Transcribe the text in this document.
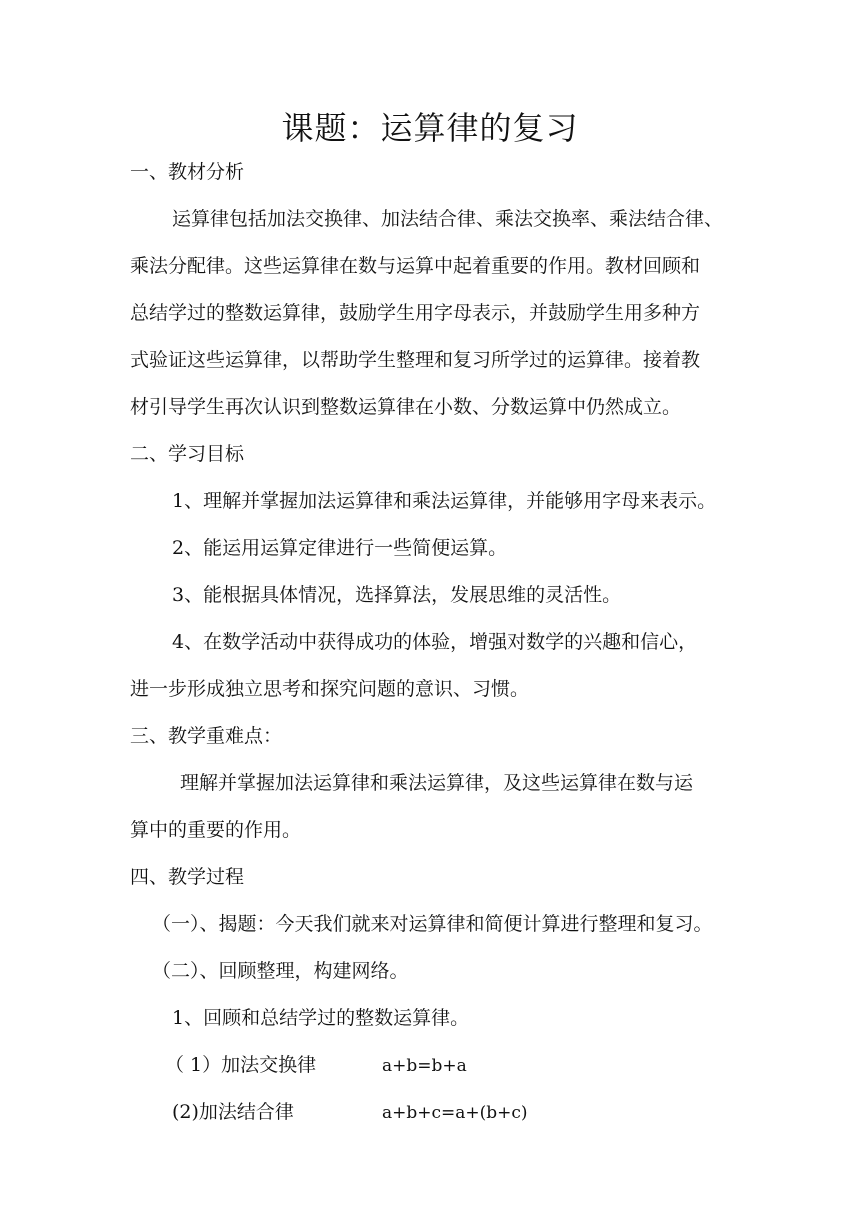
课题：运算律的复习
一、教材分析
运算律包括加法交换律、加法结合律、乘法交换率、乘法结合律、
乘法分配律。这些运算律在数与运算中起着重要的作用。教材回顾和
总结学过的整数运算律，鼓励学生用字母表示，并鼓励学生用多种方
式验证这些运算律，以帮助学生整理和复习所学过的运算律。接着教
材引导学生再次认识到整数运算律在小数、分数运算中仍然成立。
二、学习目标
1、理解并掌握加法运算律和乘法运算律，并能够用字母来表示。
2、能运用运算定律进行一些简便运算。
3、能根据具体情况，选择算法，发展思维的灵活性。
4、在数学活动中获得成功的体验，增强对数学的兴趣和信心，
进一步形成独立思考和探究问题的意识、习惯。
三、教学重难点：
理解并掌握加法运算律和乘法运算律，及这些运算律在数与运
算中的重要的作用。
四、教学过程
（一）、揭题：今天我们就来对运算律和简便计算进行整理和复习。
（二）、回顾整理，构建网络。
1、回顾和总结学过的整数运算律。
（ 1）加法交换律	a+b=b+a
(2)加法结合律	a+b+c=a+(b+c)
